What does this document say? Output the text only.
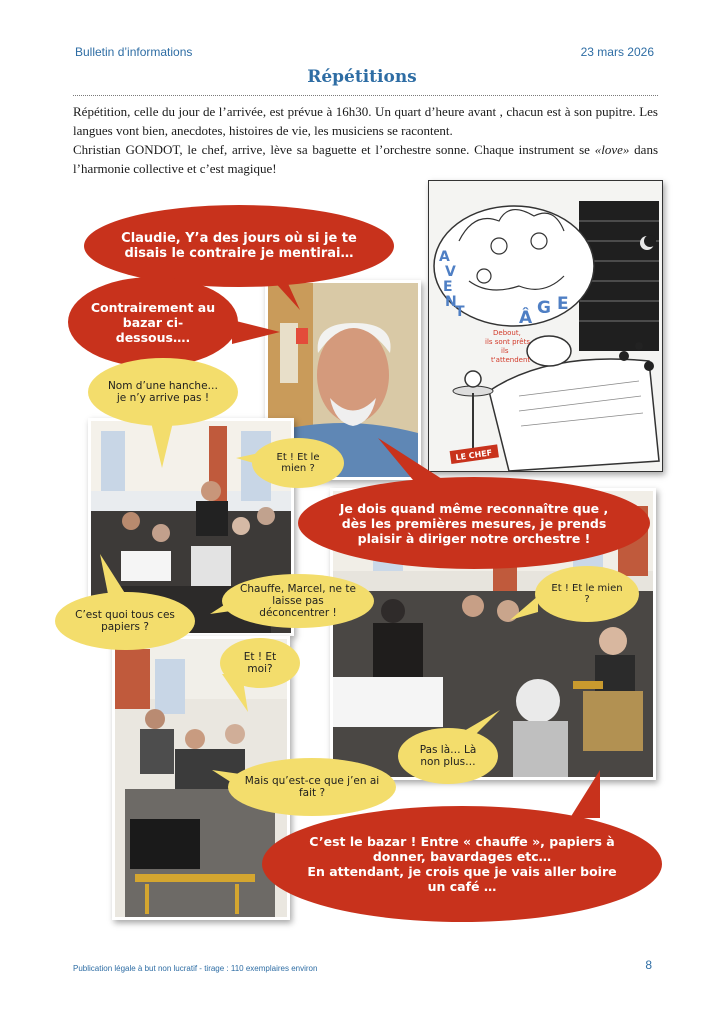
Bulletin d’informations	23 mars 2026
Répétitions

Répétition, celle du jour de l’arrivée, est prévue à 16h30. Un quart d’heure avant , chacun est à son pupitre. Les langues vont bien, anecdotes, histoires de vie, les musiciens se racontent.

Christian GONDOT, le chef, arrive, lève sa baguette et l’orchestre sonne. Chaque instrument se «love» dans l’harmonie collective et c’est magique!

A
V
E
N
T	Â G E
Debout, ils sont prêts ils t'attendent
LE CHEF
Claudie, Y’a des jours où si je te disais le contraire je mentirai…
Contrairement au bazar ci-dessous….
Nom d’une hanche… je n’y arrive pas !
Et ! Et le mien ?
Je dois quand même reconnaître que , dès les premières mesures, je prends plaisir à diriger notre orchestre !
Chauffe, Marcel, ne te laisse pas déconcentrer !
C’est quoi tous ces papiers ?
Et ! Et le mien ?
Et ! Et moi?
Pas là… Là non plus…
Mais qu’est-ce que j’en ai fait ?
C’est le bazar ! Entre « chauffe », papiers à donner, bavardages etc…
En attendant, je crois que je vais aller boire un café …
Publication légale à but non lucratif - tirage : 110 exemplaires environ	8
